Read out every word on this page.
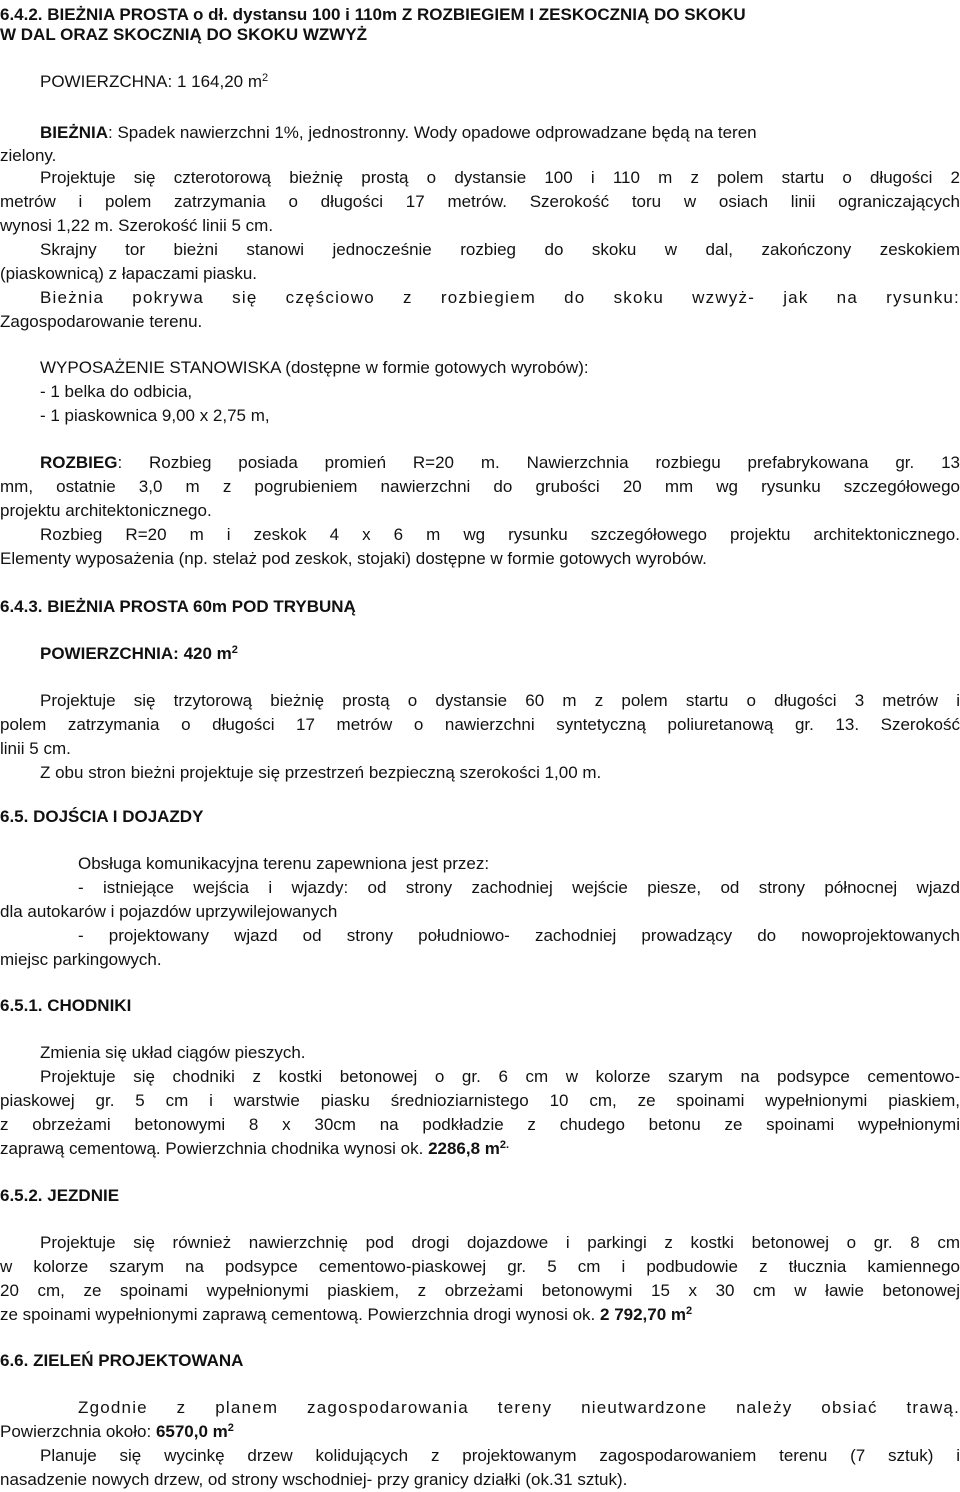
6.4.2. BIEŻNIA PROSTA o dł. dystansu 100 i 110m Z ROZBIEGIEM I ZESKOCZNIĄ DO SKOKU
W DAL ORAZ SKOCZNIĄ DO SKOKU WZWYŻ
POWIERZCHNA: 1 164,20 $m^2$
BIEŻNIA: Spadek nawierzchni 1%, jednostronny. Wody opadowe odprowadzane będą na teren
zielony.
Projektuje się czterotorową bieżnię prostą o dystansie 100 i 110 m z polem startu o długości 2
metrów i polem zatrzymania o długości 17 metrów. Szerokość toru w osiach linii ograniczających
wynosi 1,22 m. Szerokość linii 5 cm.
Skrajny tor bieżni stanowi jednocześnie rozbieg do skoku w dal, zakończony zeskokiem
(piaskownicą) z łapaczami piasku.
Bieżnia pokrywa się częściowo z rozbiegiem do skoku wzwyż- jak na rysunku:
Zagospodarowanie terenu.
WYPOSAŻENIE STANOWISKA (dostępne w formie gotowych wyrobów):
- 1 belka do odbicia,
- 1 piaskownica 9,00 x 2,75 m,
ROZBIEG: Rozbieg posiada promień R=20 m. Nawierzchnia rozbiegu prefabrykowana gr. 13
mm, ostatnie 3,0 m z pogrubieniem nawierzchni do grubości 20 mm wg rysunku szczegółowego
projektu architektonicznego.
Rozbieg R=20 m i zeskok 4 x 6 m wg rysunku szczegółowego projektu architektonicznego.
Elementy wyposażenia (np. stelaż pod zeskok, stojaki) dostępne w formie gotowych wyrobów.
6.4.3. BIEŻNIA PROSTA 60m POD TRYBUNĄ
POWIERZCHNIA: 420 $m^2$
Projektuje się trzytorową bieżnię prostą o dystansie 60 m z polem startu o długości 3 metrów i
polem zatrzymania o długości 17 metrów o nawierzchni syntetyczną poliuretanową gr. 13. Szerokość
linii 5 cm.
Z obu stron bieżni projektuje się przestrzeń bezpieczną szerokości 1,00 m.
6.5. DOJŚCIA I DOJAZDY
Obsługa komunikacyjna terenu zapewniona jest przez:
- istniejące wejścia i wjazdy: od strony zachodniej wejście piesze, od strony północnej wjazd
dla autokarów i pojazdów uprzywilejowanych
- projektowany wjazd od strony południowo- zachodniej prowadzący do nowoprojektowanych
miejsc parkingowych.
6.5.1. CHODNIKI
Zmienia się układ ciągów pieszych.
Projektuje się chodniki z kostki betonowej o gr. 6 cm w kolorze szarym na podsypce cementowo-
piaskowej gr. 5 cm i warstwie piasku średnioziarnistego 10 cm, ze spoinami wypełnionymi piaskiem,
z obrzeżami betonowymi 8 x 30cm na podkładzie z chudego betonu ze spoinami wypełnionymi
zaprawą cementową. Powierzchnia chodnika wynosi ok. 2286,8 $m^{2.}$
6.5.2. JEZDNIE
Projektuje się również nawierzchnię pod drogi dojazdowe i parkingi z kostki betonowej o gr. 8 cm
w kolorze szarym na podsypce cementowo-piaskowej gr. 5 cm i podbudowie z tłucznia kamiennego
20 cm, ze spoinami wypełnionymi piaskiem, z obrzeżami betonowymi 15 x 30 cm w ławie betonowej
ze spoinami wypełnionymi zaprawą cementową. Powierzchnia drogi wynosi ok. 2 792,70 $m^2$
6.6. ZIELEŃ PROJEKTOWANA
Zgodnie z planem zagospodarowania tereny nieutwardzone należy obsiać trawą.
Powierzchnia około: 6570,0 $m^2$
Planuje się wycinkę drzew kolidujących z projektowanym zagospodarowaniem terenu (7 sztuk) i
nasadzenie nowych drzew, od strony wschodniej- przy granicy działki (ok.31 sztuk).
